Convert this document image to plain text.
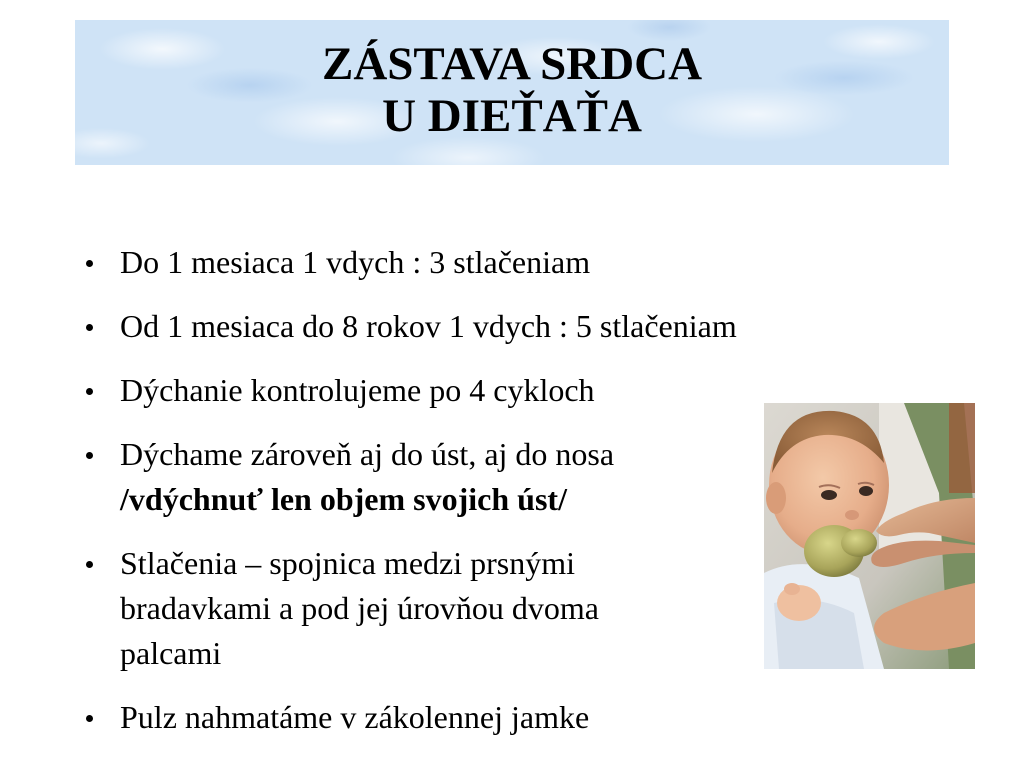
ZÁSTAVA SRDCA
U DIEŤAŤA
Do 1 mesiaca 1 vdych : 3 stlačeniam
Od 1 mesiaca do 8 rokov 1 vdych : 5 stlačeniam
Dýchanie kontrolujeme po 4 cykloch
Dýchame zároveň aj do úst, aj do nosa
/vdýchnuť len objem svojich úst/
Stlačenia – spojnica medzi prsnými
bradavkami a pod jej úrovňou dvoma
palcami
Pulz nahmatáme v zákolennej jamke
